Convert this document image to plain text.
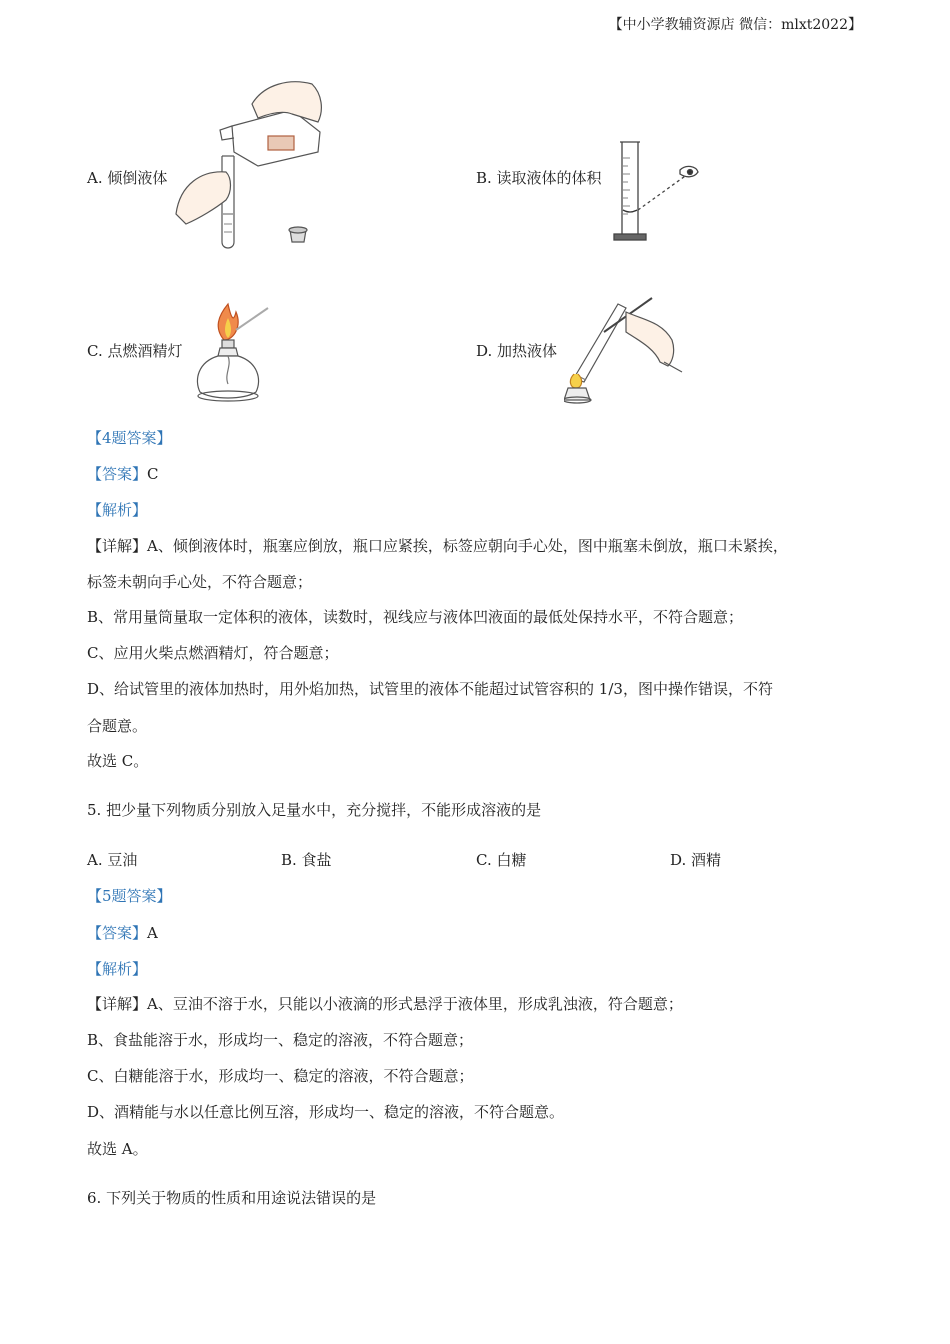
【中小学教辅资源店 微信：mlxt2022】
A. 倾倒液体	B. 读取液体的体积
C. 点燃酒精灯	D. 加热液体
【4题答案】
【答案】C
【解析】
【详解】A、倾倒液体时，瓶塞应倒放，瓶口应紧挨，标签应朝向手心处，图中瓶塞未倒放，瓶口未紧挨，
标签未朝向手心处，不符合题意；
B、常用量筒量取一定体积的液体，读数时，视线应与液体凹液面的最低处保持水平，不符合题意；
C、应用火柴点燃酒精灯，符合题意；
D、给试管里的液体加热时，用外焰加热，试管里的液体不能超过试管容积的 1/3，图中操作错误，不符
合题意。
故选 C。
5. 把少量下列物质分别放入足量水中，充分搅拌，不能形成溶液的是
A. 豆油	B. 食盐	C. 白糖	D. 酒精
【5题答案】
【答案】A
【解析】
【详解】A、豆油不溶于水，只能以小液滴的形式悬浮于液体里，形成乳浊液，符合题意；
B、食盐能溶于水，形成均一、稳定的溶液，不符合题意；
C、白糖能溶于水，形成均一、稳定的溶液，不符合题意；
D、酒精能与水以任意比例互溶，形成均一、稳定的溶液，不符合题意。
故选 A。
6. 下列关于物质的性质和用途说法错误的是
